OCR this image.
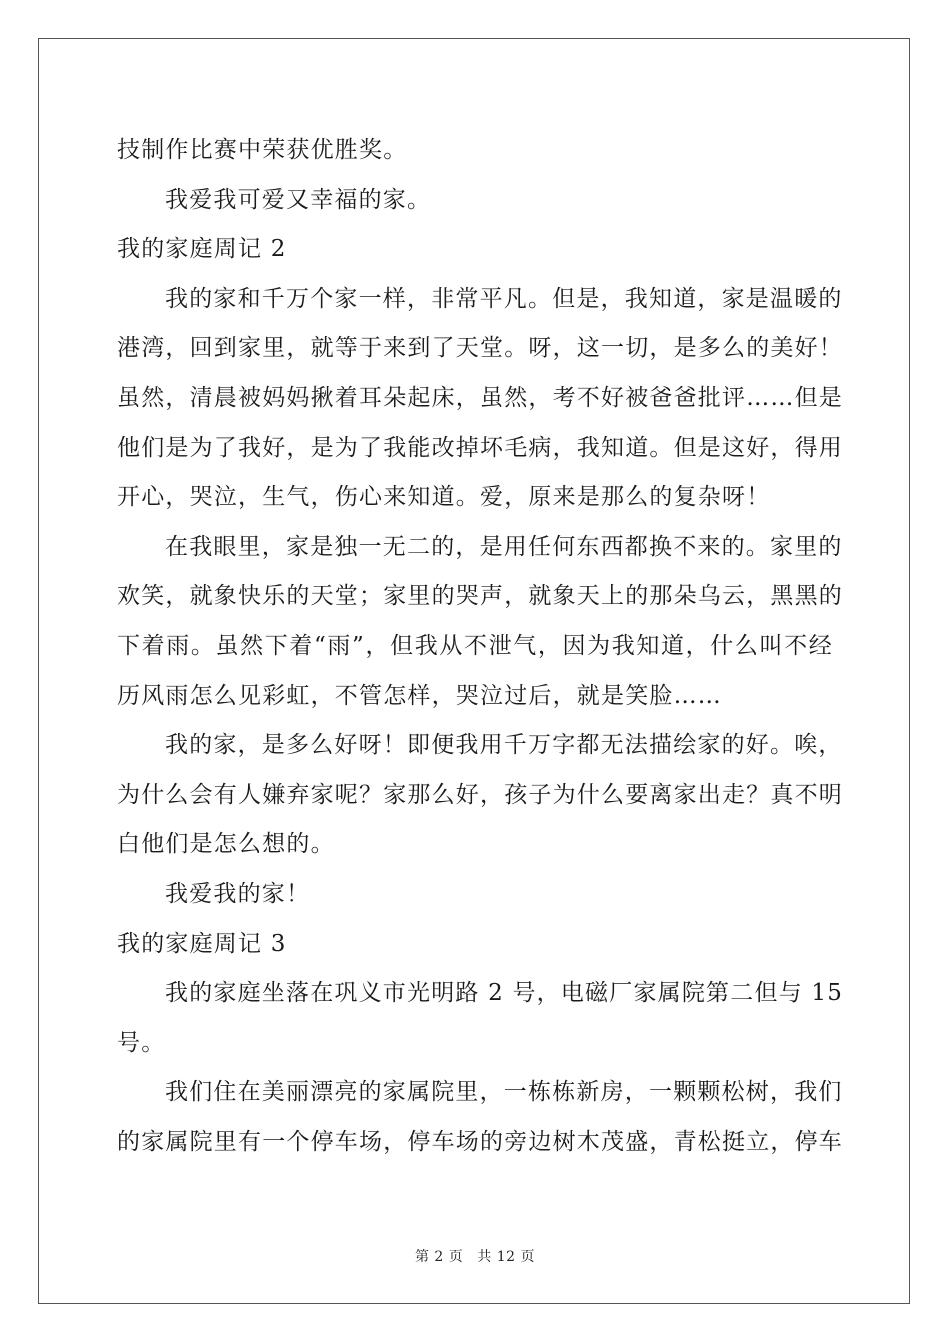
技制作比赛中荣获优胜奖。
我爱我可爱又幸福的家。
我的家庭周记 2
我的家和千万个家一样，非常平凡。但是，我知道，家是温暖的
港湾，回到家里，就等于来到了天堂。呀，这一切，是多么的美好！
虽然，清晨被妈妈揪着耳朵起床，虽然，考不好被爸爸批评……但是
他们是为了我好，是为了我能改掉坏毛病，我知道。但是这好，得用
开心，哭泣，生气，伤心来知道。爱，原来是那么的复杂呀！
在我眼里，家是独一无二的，是用任何东西都换不来的。家里的
欢笑，就象快乐的天堂；家里的哭声，就象天上的那朵乌云，黑黑的
下着雨。虽然下着“雨”，但我从不泄气，因为我知道，什么叫不经
历风雨怎么见彩虹，不管怎样，哭泣过后，就是笑脸……
我的家，是多么好呀！即便我用千万字都无法描绘家的好。唉，
为什么会有人嫌弃家呢？家那么好，孩子为什么要离家出走？真不明
白他们是怎么想的。
我爱我的家！
我的家庭周记 3
我的家庭坐落在巩义市光明路 2 号，电磁厂家属院第二但与 15
号。
我们住在美丽漂亮的家属院里，一栋栋新房，一颗颗松树，我们
的家属院里有一个停车场，停车场的旁边树木茂盛，青松挺立，停车
第 2 页 共 12 页
